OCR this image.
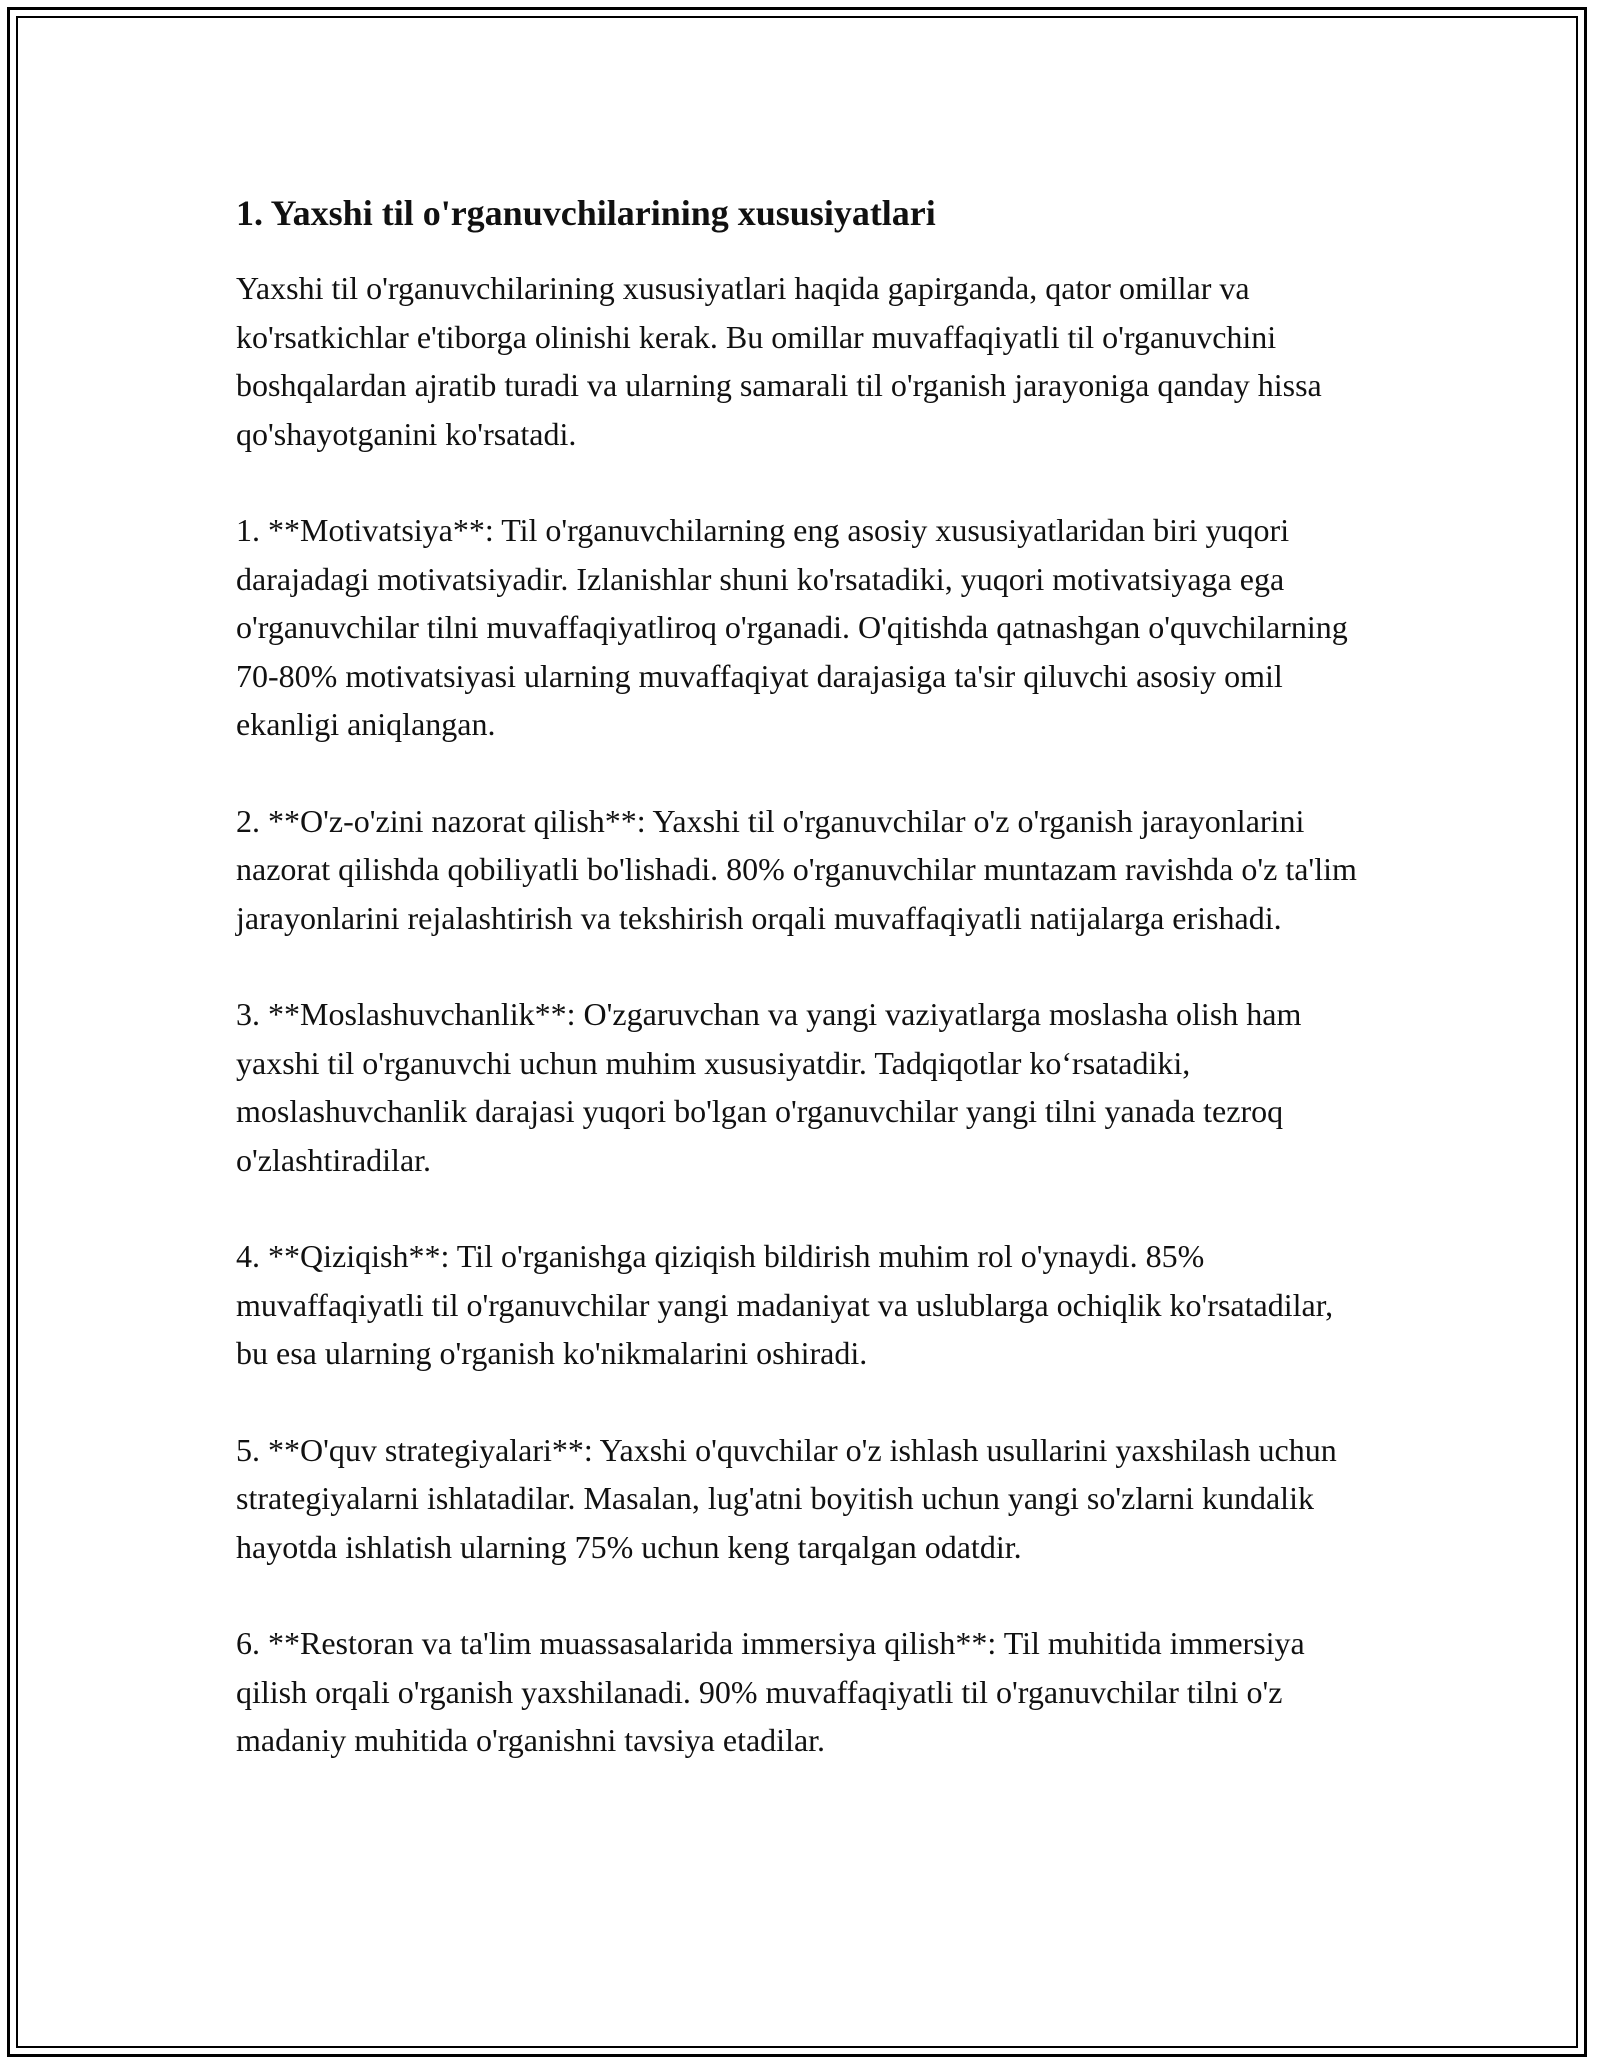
1. Yaxshi til o'rganuvchilarining xususiyatlari

Yaxshi til o'rganuvchilarining xususiyatlari haqida gapirganda, qator omillar va ko'rsatkichlar e'tiborga olinishi kerak. Bu omillar muvaffaqiyatli til o'rganuvchini boshqalardan ajratib turadi va ularning samarali til o'rganish jarayoniga qanday hissa qo'shayotganini ko'rsatadi.

1. **Motivatsiya**: Til o'rganuvchilarning eng asosiy xususiyatlaridan biri yuqori darajadagi motivatsiyadir. Izlanishlar shuni ko'rsatadiki, yuqori motivatsiyaga ega o'rganuvchilar tilni muvaffaqiyatliroq o'rganadi. O'qitishda qatnashgan o'quvchilarning 70-80% motivatsiyasi ularning muvaffaqiyat darajasiga ta'sir qiluvchi asosiy omil ekanligi aniqlangan.

2. **O'z-o'zini nazorat qilish**: Yaxshi til o'rganuvchilar o'z o'rganish jarayonlarini nazorat qilishda qobiliyatli bo'lishadi. 80% o'rganuvchilar muntazam ravishda o'z ta'lim jarayonlarini rejalashtirish va tekshirish orqali muvaffaqiyatli natijalarga erishadi.

3. **Moslashuvchanlik**: O'zgaruvchan va yangi vaziyatlarga moslasha olish ham yaxshi til o'rganuvchi uchun muhim xususiyatdir. Tadqiqotlar ko‘rsatadiki, moslashuvchanlik darajasi yuqori bo'lgan o'rganuvchilar yangi tilni yanada tezroq o'zlashtiradilar.

4. **Qiziqish**: Til o'rganishga qiziqish bildirish muhim rol o'ynaydi. 85% muvaffaqiyatli til o'rganuvchilar yangi madaniyat va uslublarga ochiqlik ko'rsatadilar, bu esa ularning o'rganish ko'nikmalarini oshiradi.

5. **O'quv strategiyalari**: Yaxshi o'quvchilar o'z ishlash usullarini yaxshilash uchun strategiyalarni ishlatadilar. Masalan, lug'atni boyitish uchun yangi so'zlarni kundalik hayotda ishlatish ularning 75% uchun keng tarqalgan odatdir.

6. **Restoran va ta'lim muassasalarida immersiya qilish**: Til muhitida immersiya qilish orqali o'rganish yaxshilanadi. 90% muvaffaqiyatli til o'rganuvchilar tilni o'z madaniy muhitida o'rganishni tavsiya etadilar.
